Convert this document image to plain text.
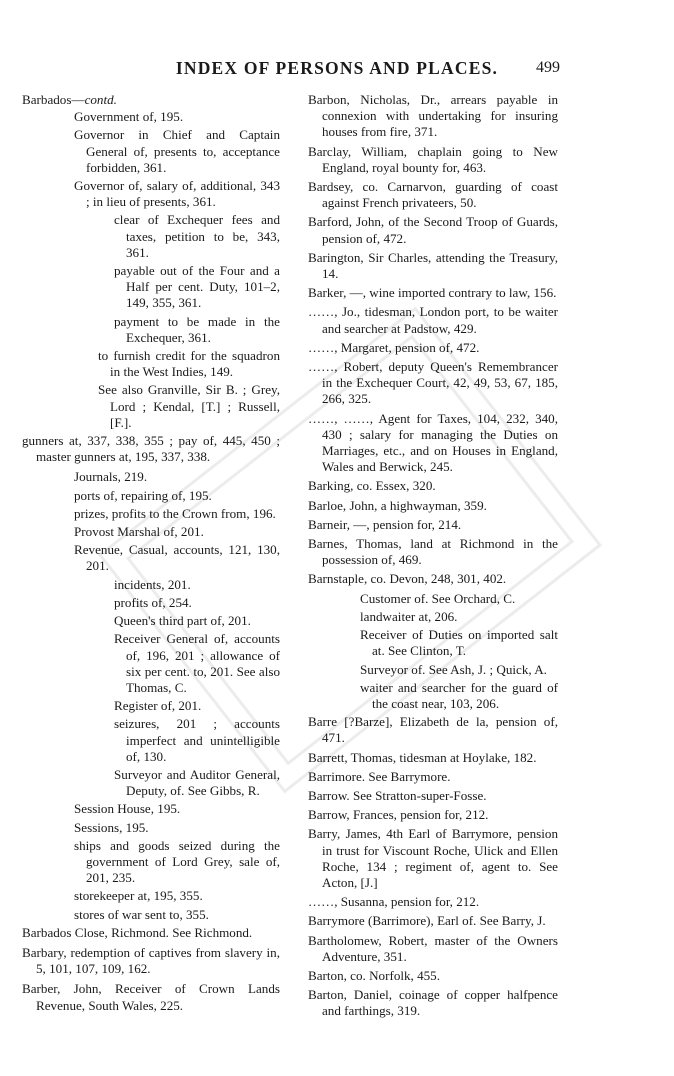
INDEX OF PERSONS AND PLACES.	499
Barbados—contd.
Government of, 195.
Governor in Chief and Captain General of, presents to, acceptance forbidden, 361.
Governor of, salary of, additional, 343 ; in lieu of presents, 361.
clear of Exchequer fees and taxes, petition to be, 343, 361.
payable out of the Four and a Half per cent. Duty, 101–2, 149, 355, 361.
payment to be made in the Exchequer, 361.
to furnish credit for the squadron in the West Indies, 149.
See also Granville, Sir B. ; Grey, Lord ; Kendal, [T.] ; Russell, [F.].
gunners at, 337, 338, 355 ; pay of, 445, 450 ; master gunners at, 195, 337, 338.
Journals, 219.
ports of, repairing of, 195.
prizes, profits to the Crown from, 196.
Provost Marshal of, 201.
Revenue, Casual, accounts, 121, 130, 201.
incidents, 201.
profits of, 254.
Queen's third part of, 201.
Receiver General of, accounts of, 196, 201 ; allowance of six per cent. to, 201. See also Thomas, C.
Register of, 201.
seizures, 201 ; accounts imperfect and unintelligible of, 130.
Surveyor and Auditor General, Deputy, of. See Gibbs, R.
Session House, 195.
Sessions, 195.
ships and goods seized during the government of Lord Grey, sale of, 201, 235.
storekeeper at, 195, 355.
stores of war sent to, 355.
Barbados Close, Richmond. See Richmond.
Barbary, redemption of captives from slavery in, 5, 101, 107, 109, 162.
Barber, John, Receiver of Crown Lands Revenue, South Wales, 225.
Barbon, Nicholas, Dr., arrears payable in connexion with undertaking for insuring houses from fire, 371.
Barclay, William, chaplain going to New England, royal bounty for, 463.
Bardsey, co. Carnarvon, guarding of coast against French privateers, 50.
Barford, John, of the Second Troop of Guards, pension of, 472.
Barington, Sir Charles, attending the Treasury, 14.
Barker, —, wine imported contrary to law, 156.
……, Jo., tidesman, London port, to be waiter and searcher at Padstow, 429.
……, Margaret, pension of, 472.
……, Robert, deputy Queen's Remembrancer in the Exchequer Court, 42, 49, 53, 67, 185, 266, 325.
……, ……, Agent for Taxes, 104, 232, 340, 430 ; salary for managing the Duties on Marriages, etc., and on Houses in England, Wales and Berwick, 245.
Barking, co. Essex, 320.
Barloe, John, a highwayman, 359.
Barneir, —, pension for, 214.
Barnes, Thomas, land at Richmond in the possession of, 469.
Barnstaple, co. Devon, 248, 301, 402.
Customer of. See Orchard, C.
landwaiter at, 206.
Receiver of Duties on imported salt at. See Clinton, T.
Surveyor of. See Ash, J. ; Quick, A.
waiter and searcher for the guard of the coast near, 103, 206.
Barre [?Barze], Elizabeth de la, pension of, 471.
Barrett, Thomas, tidesman at Hoylake, 182.
Barrimore. See Barrymore.
Barrow. See Stratton-super-Fosse.
Barrow, Frances, pension for, 212.
Barry, James, 4th Earl of Barrymore, pension in trust for Viscount Roche, Ulick and Ellen Roche, 134 ; regiment of, agent to. See Acton, [J.]
……, Susanna, pension for, 212.
Barrymore (Barrimore), Earl of. See Barry, J.
Bartholomew, Robert, master of the Owners Adventure, 351.
Barton, co. Norfolk, 455.
Barton, Daniel, coinage of copper halfpence and farthings, 319.
